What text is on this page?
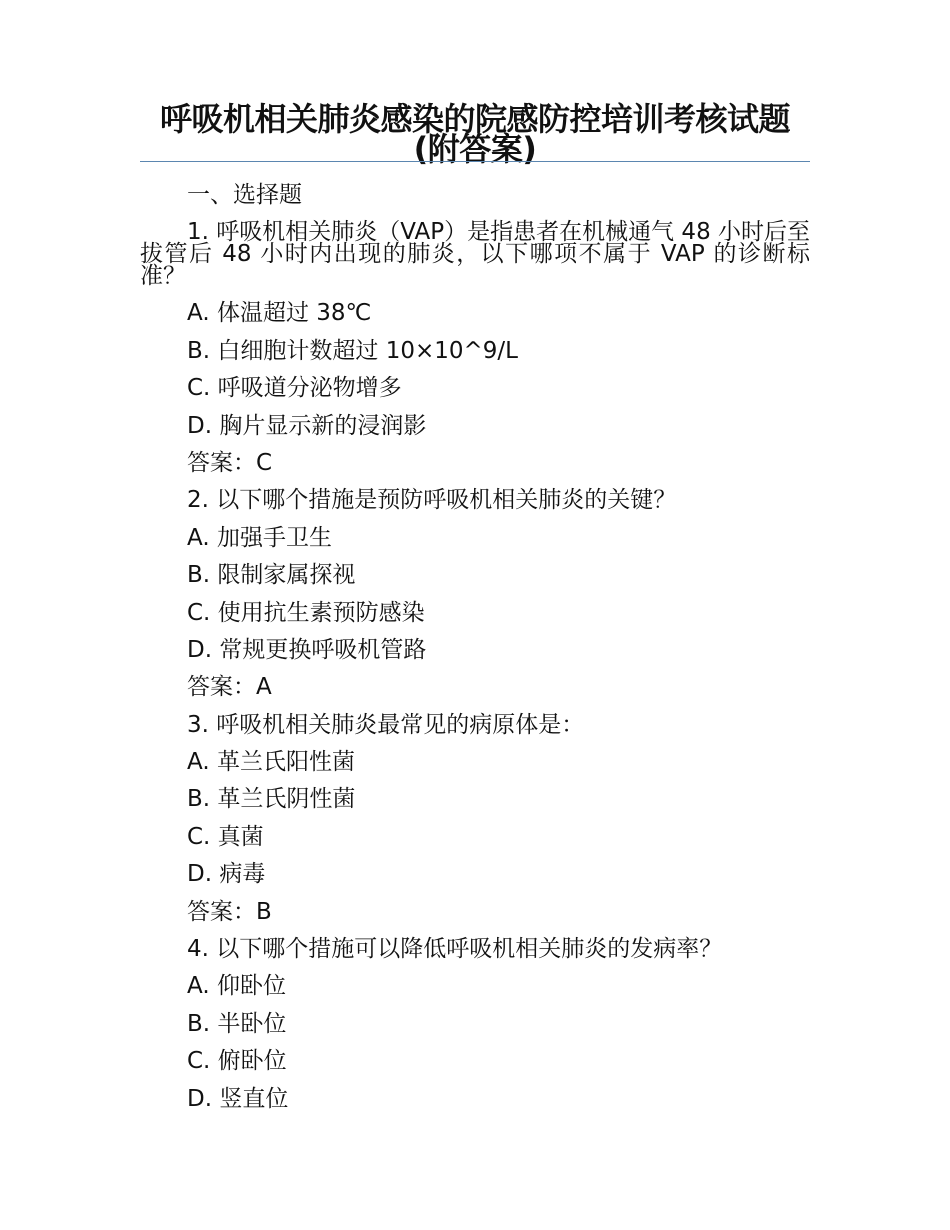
呼吸机相关肺炎感染的院感防控培训考核试题(附答案)
一、选择题
1. 呼吸机相关肺炎（VAP）是指患者在机械通气 48 小时后至拔管后 48 小时内出现的肺炎，以下哪项不属于 VAP 的诊断标准？
A. 体温超过 38℃
B. 白细胞计数超过 10×10^9/L
C. 呼吸道分泌物增多
D. 胸片显示新的浸润影
答案：C
2. 以下哪个措施是预防呼吸机相关肺炎的关键？
A. 加强手卫生
B. 限制家属探视
C. 使用抗生素预防感染
D. 常规更换呼吸机管路
答案：A
3. 呼吸机相关肺炎最常见的病原体是：
A. 革兰氏阳性菌
B. 革兰氏阴性菌
C. 真菌
D. 病毒
答案：B
4. 以下哪个措施可以降低呼吸机相关肺炎的发病率？
A. 仰卧位
B. 半卧位
C. 俯卧位
D. 竖直位
